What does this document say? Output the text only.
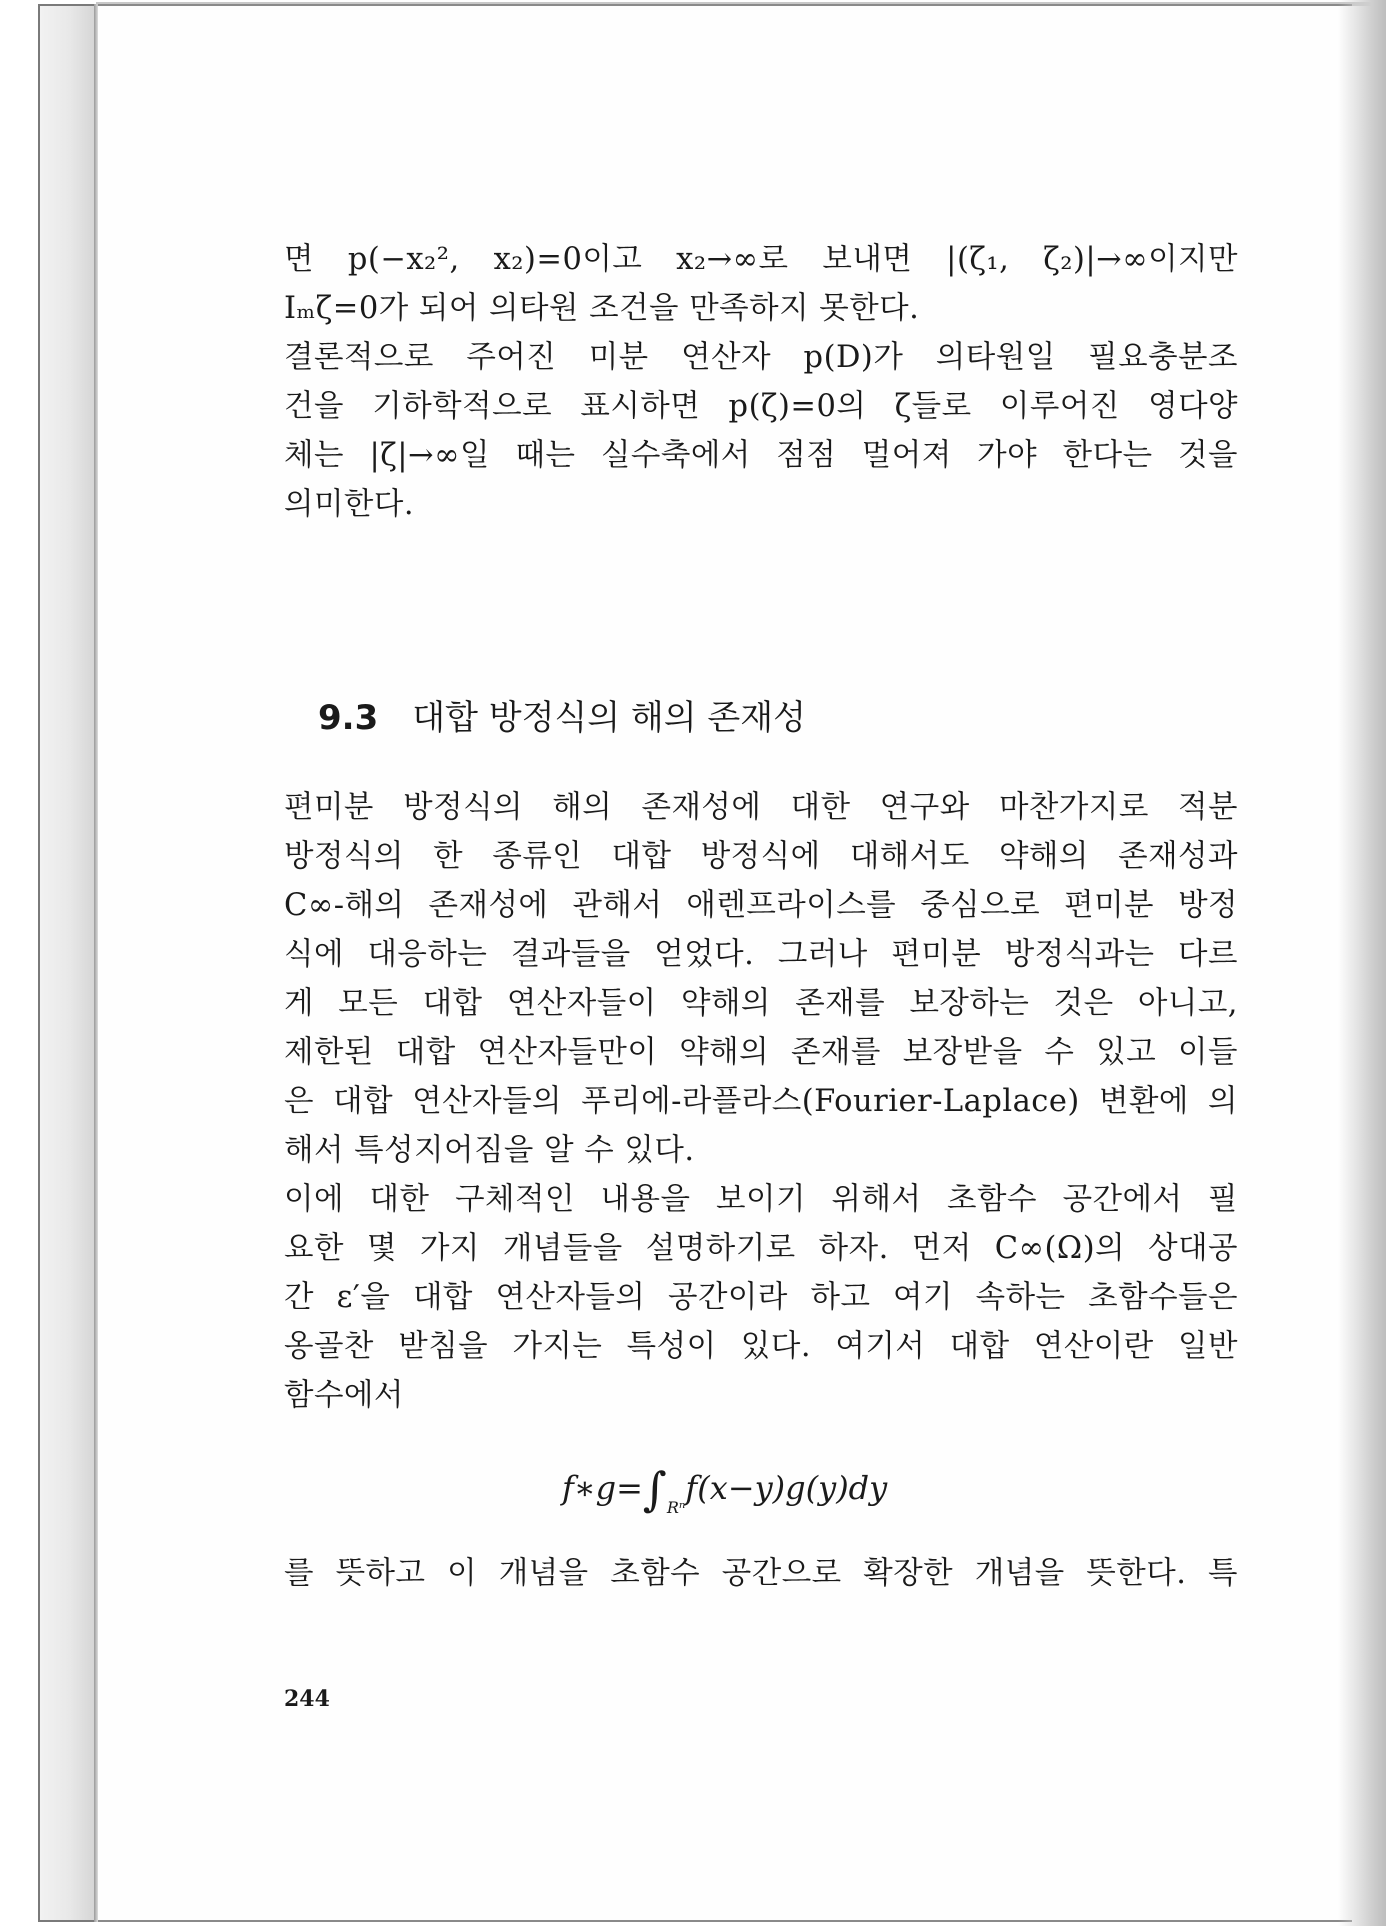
면 p(−x₂², x₂)=0이고 x₂→∞로 보내면 |(ζ₁, ζ₂)|→∞이지만
Iₘζ=0가 되어 의타원 조건을 만족하지 못한다.
결론적으로 주어진 미분 연산자 p(D)가 의타원일 필요충분조
건을 기하학적으로 표시하면 p(ζ)=0의 ζ들로 이루어진 영다양
체는 |ζ|→∞일 때는 실수축에서 점점 멀어져 가야 한다는 것을
의미한다.
9.3 대합 방정식의 해의 존재성
편미분 방정식의 해의 존재성에 대한 연구와 마찬가지로 적분
방정식의 한 종류인 대합 방정식에 대해서도 약해의 존재성과
C∞-해의 존재성에 관해서 애렌프라이스를 중심으로 편미분 방정
식에 대응하는 결과들을 얻었다. 그러나 편미분 방정식과는 다르
게 모든 대합 연산자들이 약해의 존재를 보장하는 것은 아니고,
제한된 대합 연산자들만이 약해의 존재를 보장받을 수 있고 이들
은 대합 연산자들의 푸리에-라플라스(Fourier-Laplace) 변환에 의
해서 특성지어짐을 알 수 있다.
이에 대한 구체적인 내용을 보이기 위해서 초함수 공간에서 필
요한 몇 가지 개념들을 설명하기로 하자. 먼저 C∞(Ω)의 상대공
간 ε′을 대합 연산자들의 공간이라 하고 여기 속하는 초함수들은
옹골찬 받침을 가지는 특성이 있다. 여기서 대합 연산이란 일반
함수에서
$f∗g=\int_{R^n}f(x-y)g(y)dy$
를 뜻하고 이 개념을 초함수 공간으로 확장한 개념을 뜻한다. 특
244
